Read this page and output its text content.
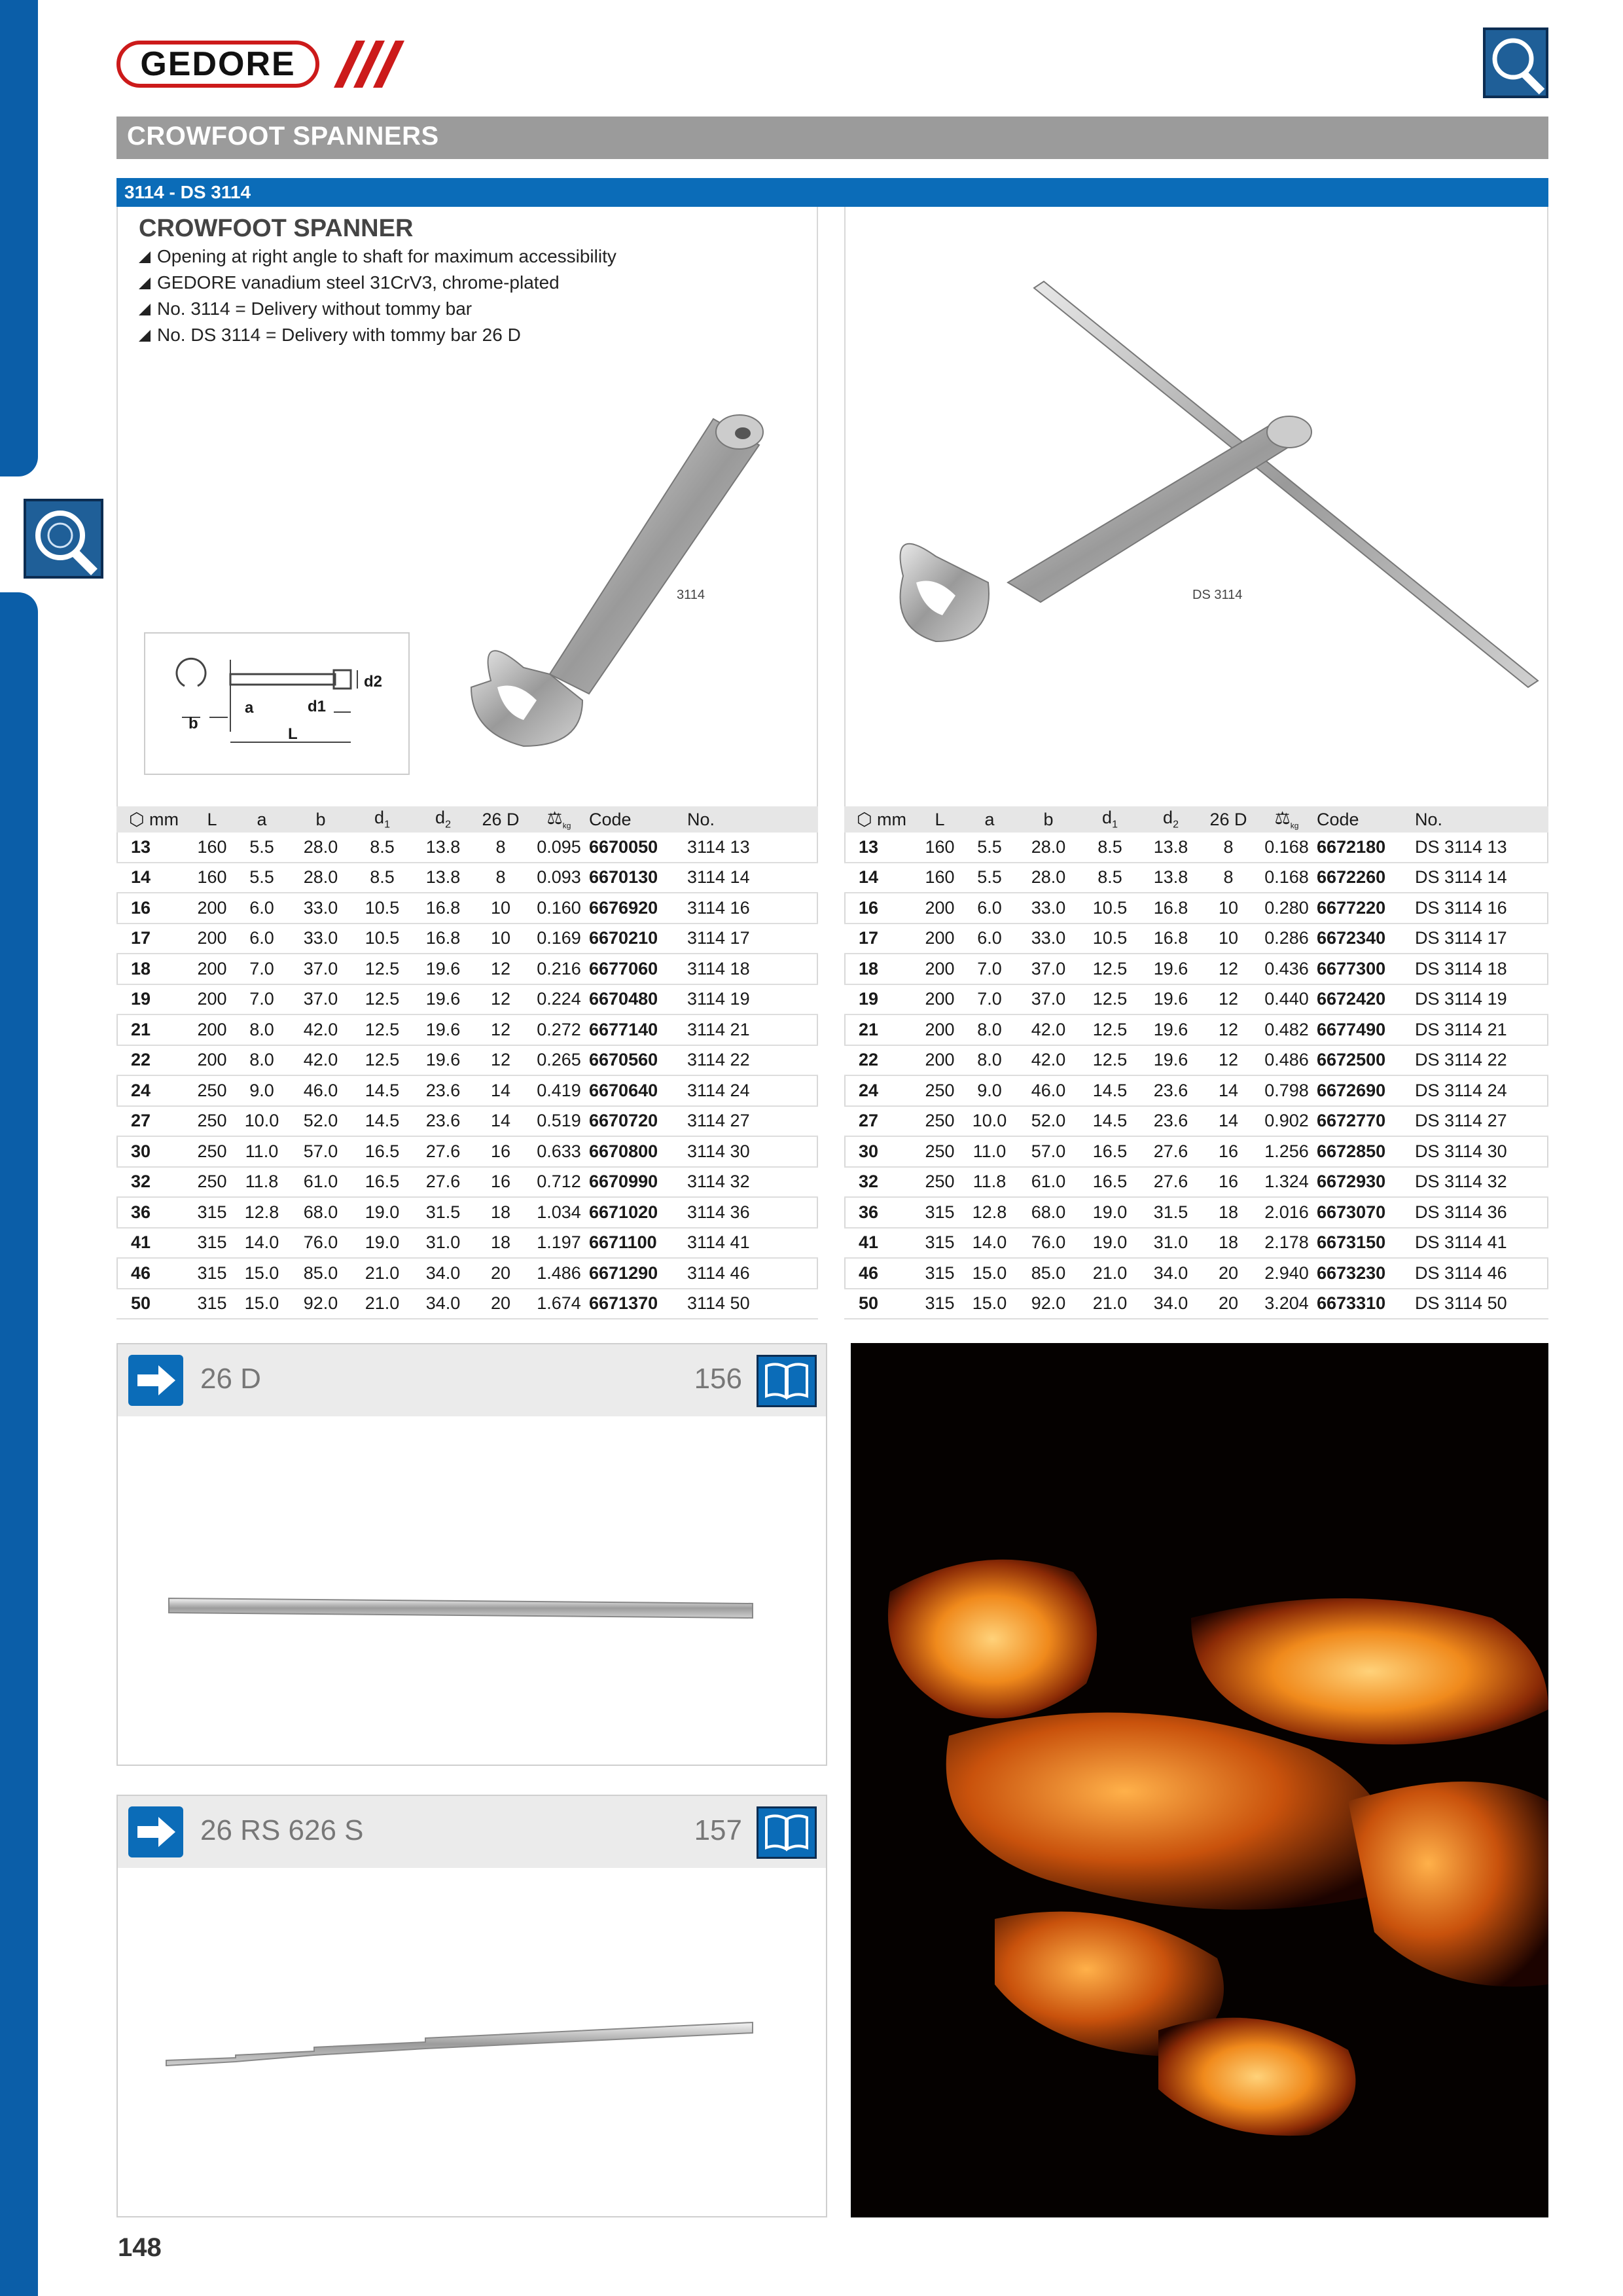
GEDORE
CROWFOOT SPANNERS
3114 - DS 3114
CROWFOOT SPANNER
Opening at right angle to shaft for maximum accessibility
GEDORE vanadium steel 31CrV3, chrome-plated
No. 3114 = Delivery without tommy bar
No. DS 3114 = Delivery with tommy bar 26 D
b
a	d1
d2
L
3114	DS 3114
⬡ mm	L	a	b	$d_1$	$d_2$	26 D	$⚖_{kg}$	Code	No.
13	160	5.5	28.0	8.5	13.8	8	0.095	6670050	3114 13
14	160	5.5	28.0	8.5	13.8	8	0.093	6670130	3114 14
16	200	6.0	33.0	10.5	16.8	10	0.160	6676920	3114 16
17	200	6.0	33.0	10.5	16.8	10	0.169	6670210	3114 17
18	200	7.0	37.0	12.5	19.6	12	0.216	6677060	3114 18
19	200	7.0	37.0	12.5	19.6	12	0.224	6670480	3114 19
21	200	8.0	42.0	12.5	19.6	12	0.272	6677140	3114 21
22	200	8.0	42.0	12.5	19.6	12	0.265	6670560	3114 22
24	250	9.0	46.0	14.5	23.6	14	0.419	6670640	3114 24
27	250	10.0	52.0	14.5	23.6	14	0.519	6670720	3114 27
30	250	11.0	57.0	16.5	27.6	16	0.633	6670800	3114 30
32	250	11.8	61.0	16.5	27.6	16	0.712	6670990	3114 32
36	315	12.8	68.0	19.0	31.5	18	1.034	6671020	3114 36
41	315	14.0	76.0	19.0	31.0	18	1.197	6671100	3114 41
46	315	15.0	85.0	21.0	34.0	20	1.486	6671290	3114 46
50	315	15.0	92.0	21.0	34.0	20	1.674	6671370	3114 50
⬡ mm	L	a	b	$d_1$	$d_2$	26 D	$⚖_{kg}$	Code	No.
13	160	5.5	28.0	8.5	13.8	8	0.168	6672180	DS 3114 13
14	160	5.5	28.0	8.5	13.8	8	0.168	6672260	DS 3114 14
16	200	6.0	33.0	10.5	16.8	10	0.280	6677220	DS 3114 16
17	200	6.0	33.0	10.5	16.8	10	0.286	6672340	DS 3114 17
18	200	7.0	37.0	12.5	19.6	12	0.436	6677300	DS 3114 18
19	200	7.0	37.0	12.5	19.6	12	0.440	6672420	DS 3114 19
21	200	8.0	42.0	12.5	19.6	12	0.482	6677490	DS 3114 21
22	200	8.0	42.0	12.5	19.6	12	0.486	6672500	DS 3114 22
24	250	9.0	46.0	14.5	23.6	14	0.798	6672690	DS 3114 24
27	250	10.0	52.0	14.5	23.6	14	0.902	6672770	DS 3114 27
30	250	11.0	57.0	16.5	27.6	16	1.256	6672850	DS 3114 30
32	250	11.8	61.0	16.5	27.6	16	1.324	6672930	DS 3114 32
36	315	12.8	68.0	19.0	31.5	18	2.016	6673070	DS 3114 36
41	315	14.0	76.0	19.0	31.0	18	2.178	6673150	DS 3114 41
46	315	15.0	85.0	21.0	34.0	20	2.940	6673230	DS 3114 46
50	315	15.0	92.0	21.0	34.0	20	3.204	6673310	DS 3114 50
26 D	156
26 RS 626 S	157
148
